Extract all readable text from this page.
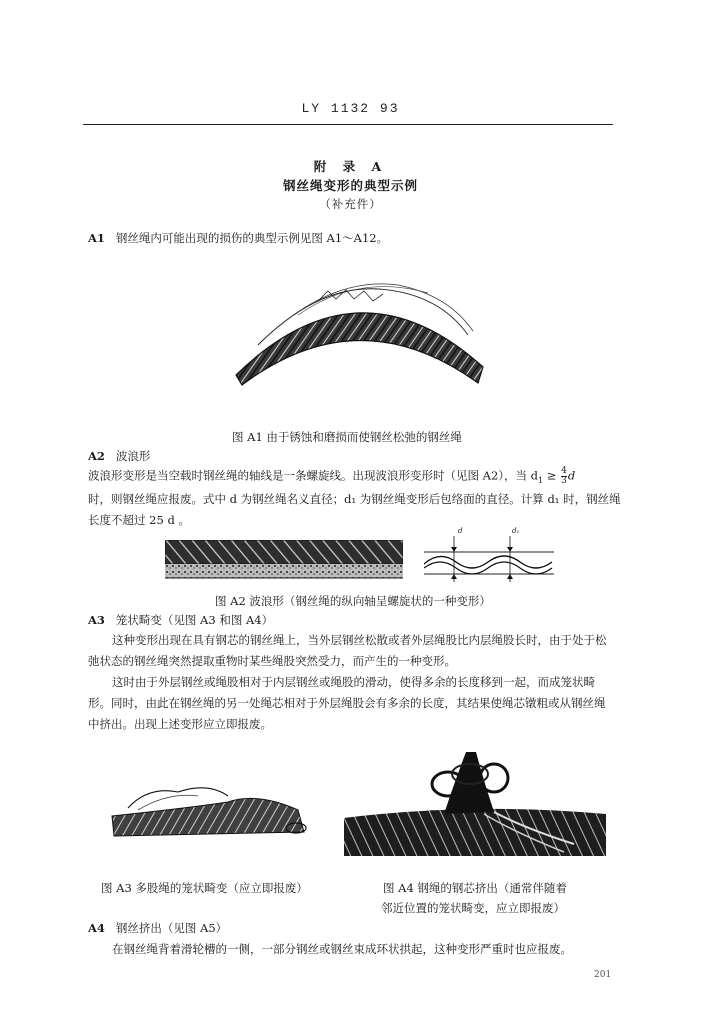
LY 1132 93
附 录 A
钢丝绳变形的典型示例
（补充件）
A1 钢丝绳内可能出现的损伤的典型示例见图 A1～A12。
图 A1 由于锈蚀和磨损而使钢丝松弛的钢丝绳
A2 波浪形
波浪形变形是当空载时钢丝绳的轴线是一条螺旋线。出现波浪形变形时（见图 A2），当 $d_1 \ge \frac{4}{3}$ d
时，则钢丝绳应报废。式中 d 为钢丝绳名义直径；d₁ 为钢丝绳变形后包络面的直径。计算 d₁ 时，钢丝绳
长度不超过 25 d 。
d	d₁
图 A2 波浪形（钢丝绳的纵向轴呈螺旋状的一种变形）
A3 笼状畸变（见图 A3 和图 A4）
这种变形出现在具有钢芯的钢丝绳上，当外层钢丝松散或者外层绳股比内层绳股长时，由于处于松
弛状态的钢丝绳突然提取重物时某些绳股突然受力，而产生的一种变形。
这时由于外层钢丝或绳股相对于内层钢丝或绳股的滑动，使得多余的长度移到一起，而成笼状畸
形。同时，由此在钢丝绳的另一处绳芯相对于外层绳股会有多余的长度，其结果使绳芯镦粗或从钢丝绳
中挤出。出现上述变形应立即报废。
图 A3 多股绳的笼状畸变（应立即报废）	图 A4 钢绳的钢芯挤出（通常伴随着
邻近位置的笼状畸变，应立即报废）
A4 钢丝挤出（见图 A5）
在钢丝绳背着滑轮槽的一侧，一部分钢丝或钢丝束成环状拱起，这种变形严重时也应报废。
201
